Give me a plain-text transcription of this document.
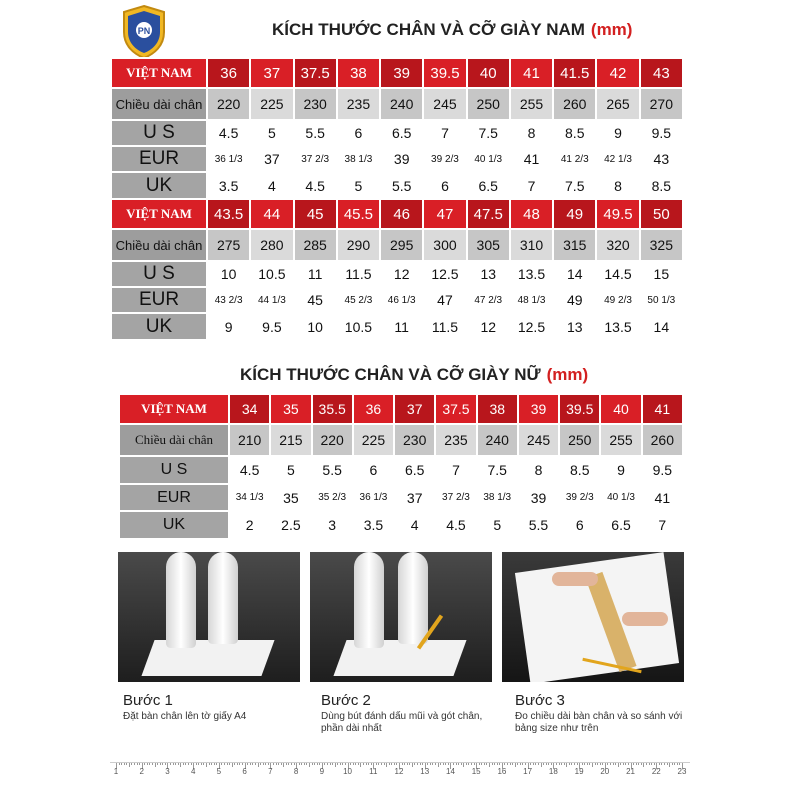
PN	KÍCH THƯỚC CHÂN VÀ CỠ GIÀY NAM (mm)
VIỆT NAM	36	37	37.5	38	39	39.5	40	41	41.5	42	43
Chiều dài chân	220	225	230	235	240	245	250	255	260	265	270
U S	4.5	5	5.5	6	6.5	7	7.5	8	8.5	9	9.5
EUR	36 1/3	37	37 2/3	38 1/3	39	39 2/3	40 1/3	41	41 2/3	42 1/3	43
UK	3.5	4	4.5	5	5.5	6	6.5	7	7.5	8	8.5
VIỆT NAM	43.5	44	45	45.5	46	47	47.5	48	49	49.5	50
Chiều dài chân	275	280	285	290	295	300	305	310	315	320	325
U S	10	10.5	11	11.5	12	12.5	13	13.5	14	14.5	15
EUR	43 2/3	44 1/3	45	45 2/3	46 1/3	47	47 2/3	48 1/3	49	49 2/3	50 1/3
UK	9	9.5	10	10.5	11	11.5	12	12.5	13	13.5	14
KÍCH THƯỚC CHÂN VÀ CỠ GIÀY NỮ (mm)
VIỆT NAM	34	35	35.5	36	37	37.5	38	39	39.5	40	41
Chiều dài chân	210	215	220	225	230	235	240	245	250	255	260
U S	4.5	5	5.5	6	6.5	7	7.5	8	8.5	9	9.5
EUR	34 1/3	35	35 2/3	36 1/3	37	37 2/3	38 1/3	39	39 2/3	40 1/3	41
UK	2	2.5	3	3.5	4	4.5	5	5.5	6	6.5	7
Bước 1
Đặt bàn chân lên tờ giấy A4
Bước 2
Dùng bút đánh dấu mũi và gót chân, phần dài nhất
Bước 3
Đo chiều dài bàn chân và so sánh với bảng size như trên
1	2	3	4	5	6	7	8	9 10 11 12 13 14 15 16 17 18 19 20 21 22 23
